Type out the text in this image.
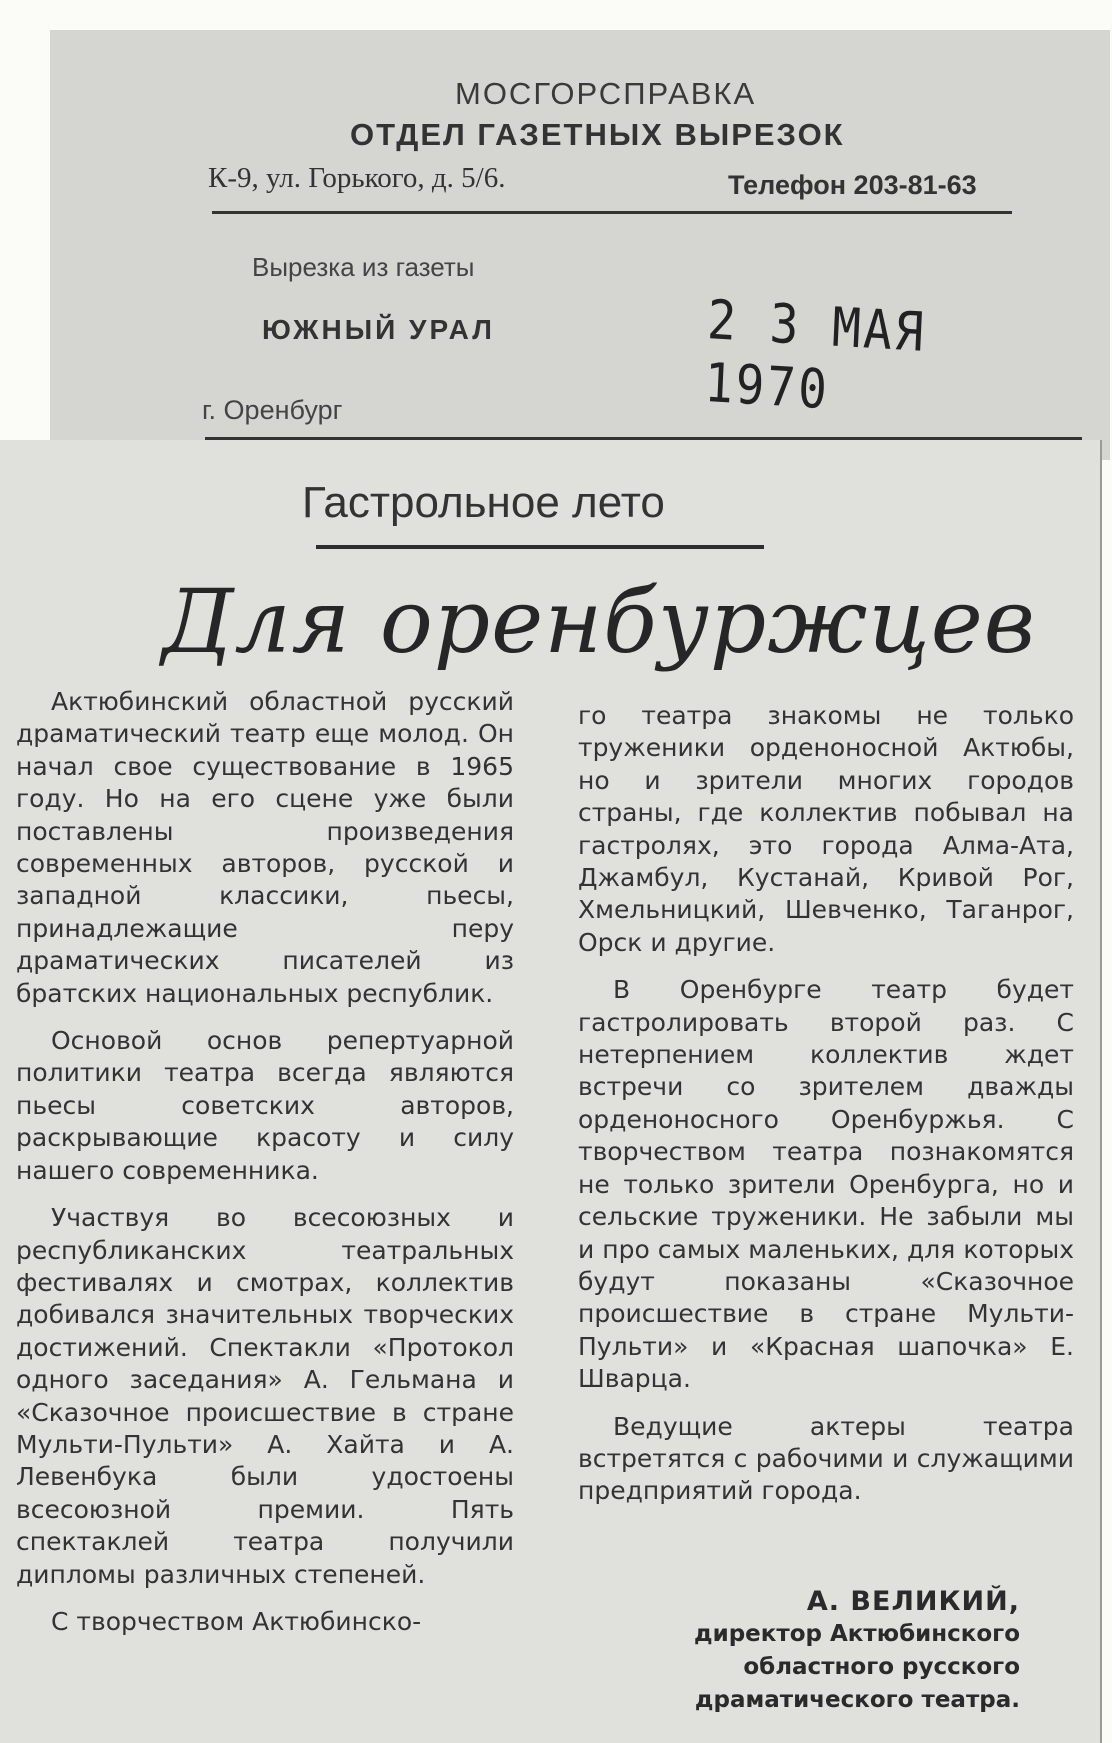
МОСГОРСПРАВКА
ОТДЕЛ ГАЗЕТНЫХ ВЫРЕЗОК
К-9, ул. Горького, д. 5/6.	Телефон 203-81-63
Вырезка из газеты
ЮЖНЫЙ УРАЛ	2 3 МАЯ 1970
г. Оренбург
Гастрольное лето
Для оренбуржцев

Актюбинский областной русский драматический театр еще молод. Он начал свое существование в 1965 году. Но на его сцене уже были поставлены произведения современных авторов, русской и западной классики, пьесы, принадлежащие перу драматических писателей из братских национальных республик.

Основой основ репертуарной политики театра всегда являются пьесы советских авторов, раскрывающие красоту и силу нашего современника.

Участвуя во всесоюзных и республиканских театральных фестивалях и смотрах, коллектив добивался значительных творческих достижений. Спектакли «Протокол одного заседания» А. Гельмана и «Сказочное происшествие в стране Мульти-Пульти» А. Хайта и А. Левенбука были удостоены всесоюзной премии. Пять спектаклей театра получили дипломы различных степеней.

С творчеством Актюбинско-

го театра знакомы не только труженики орденоносной Актюбы, но и зрители многих городов страны, где коллектив побывал на гастролях, это города Алма-Ата, Джамбул, Кустанай, Кривой Рог, Хмельницкий, Шевченко, Таганрог, Орск и другие.

В Оренбурге театр будет гастролировать второй раз. С нетерпением коллектив ждет встречи со зрителем дважды орденоносного Оренбуржья. С творчеством театра познакомятся не только зрители Оренбурга, но и сельские труженики. Не забыли мы и про самых маленьких, для которых будут показаны «Сказочное происшествие в стране Мульти-Пульти» и «Красная шапочка» Е. Шварца.

Ведущие актеры театра встретятся с рабочими и служащими предприятий города.

А. ВЕЛИКИЙ,
директор Актюбинского
областного русского
драматического театра.
